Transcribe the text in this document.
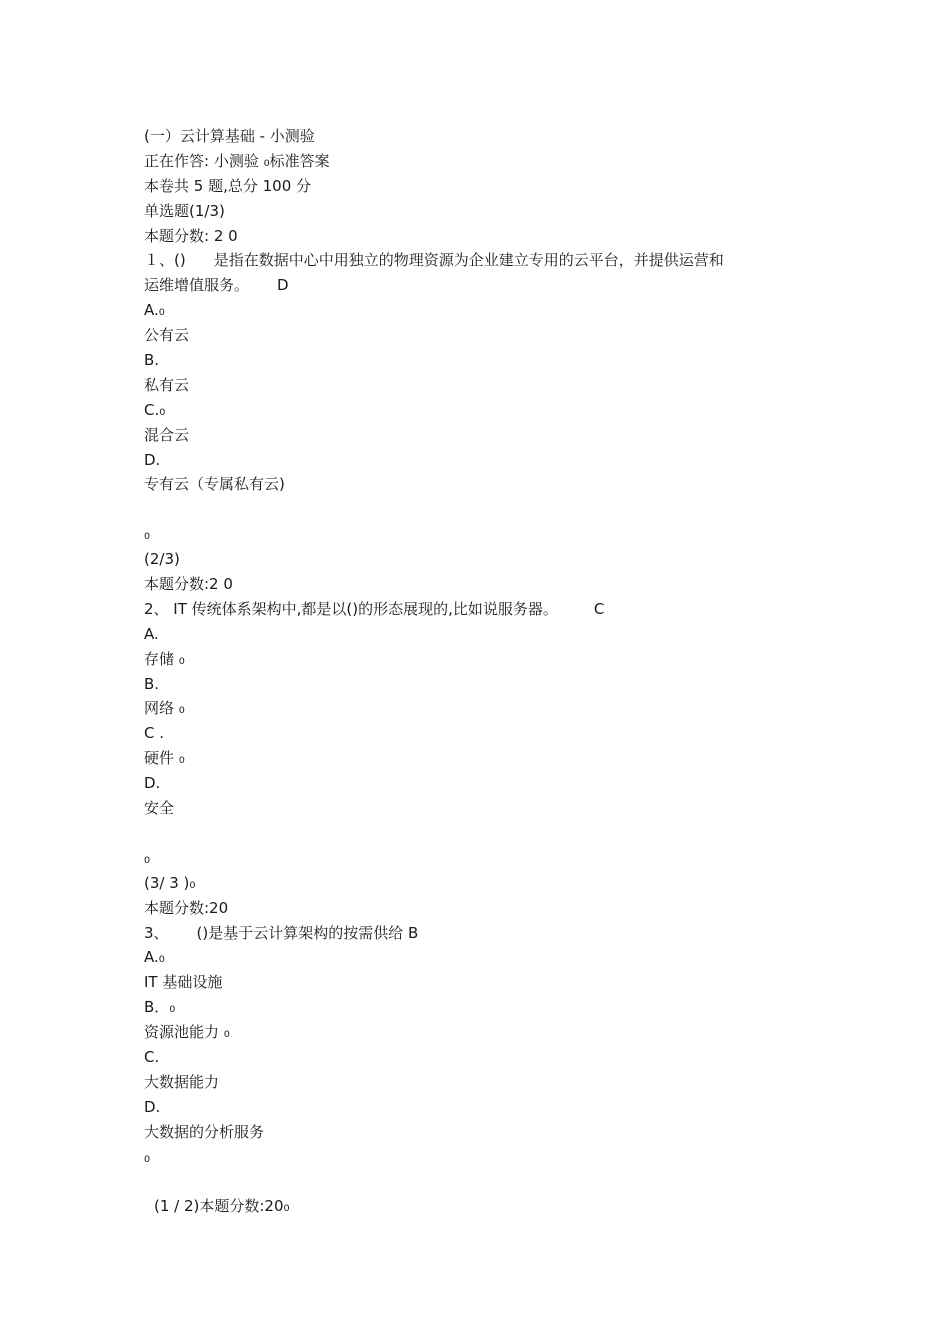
(一）云计算基础 - 小测验
正在作答: 小测验 ₀标准答案
本卷共 5 题,总分 100 分
单选题(1/3)
本题分数: 2 0
１、() 是指在数据中心中用独立的物理资源为企业建立专用的云平台，并提供运营和
运维增值服务。 D
A.₀
公有云
B.
私有云
C.₀
混合云
D.
专有云（专属私有云)
₀
(2/3)
本题分数:2 0
2、 IT 传统体系架构中,都是以()的形态展现的,比如说服务器。 C
A.
存储 ₀
B.
网络 ₀
C .
硬件 ₀
D.
安全
₀
(3/ 3 )₀
本题分数:20
3、 ()是基于云计算架构的按需供给 B
A.₀
IT 基础设施
B．₀
资源池能力 ₀
C.
大数据能力
D.
大数据的分析服务
₀
(1 / 2)本题分数:20₀
